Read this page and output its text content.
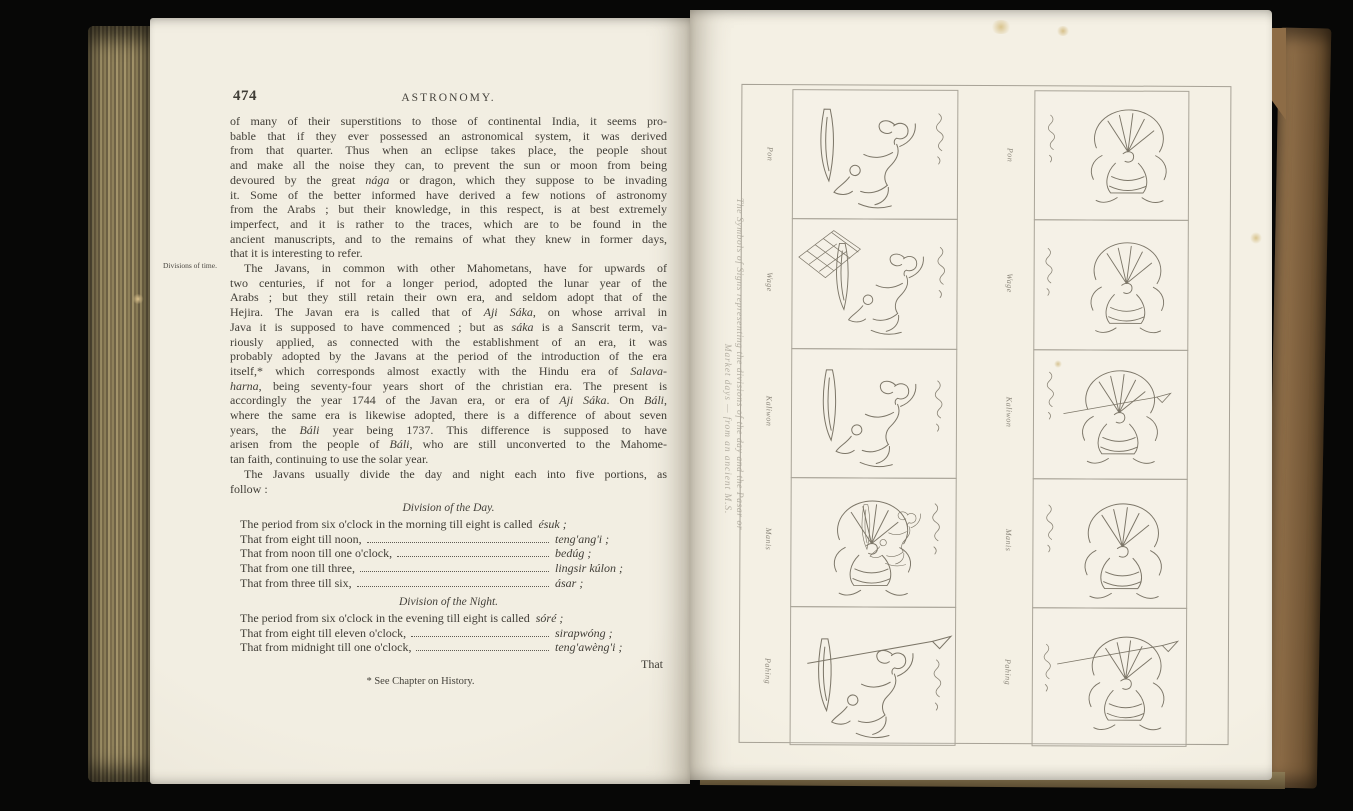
Divisions of time.
474	ASTRONOMY.
of many of their superstitions to those of continental India, it seems pro-
bable that if they ever possessed an astronomical system, it was derived
from that quarter. Thus when an eclipse takes place, the people shout
and make all the noise they can, to prevent the sun or moon from being
devoured by the great nága or dragon, which they suppose to be invading
it. Some of the better informed have derived a few notions of astronomy
from the Arabs ; but their knowledge, in this respect, is at best extremely
imperfect, and it is rather to the traces, which are to be found in the
ancient manuscripts, and to the remains of what they knew in former days,
that it is interesting to refer.
The Javans, in common with other Mahometans, have for upwards of
two centuries, if not for a longer period, adopted the lunar year of the
Arabs ; but they still retain their own era, and seldom adopt that of the
Hejira. The Javan era is called that of Aji Sáka, on whose arrival in
Java it is supposed to have commenced ; but as sáka is a Sanscrit term, va-
riously applied, as connected with the establishment of an era, it was
probably adopted by the Javans at the period of the introduction of the era
itself,* which corresponds almost exactly with the Hindu era of Salava-
harna, being seventy-four years short of the christian era. The present is
accordingly the year 1744 of the Javan era, or era of Aji Sáka. On Báli,
where the same era is likewise adopted, there is a difference of about seven
years, the Báli year being 1737. This difference is supposed to have
arisen from the people of Báli, who are still unconverted to the Mahome-
tan faith, continuing to use the solar year.
The Javans usually divide the day and night each into five portions, as
follow :
Division of the Day.
The period from six o'clock in the morning till eight is called ésuk ;
That from eight till noon,	teng'ang'i ;
That from noon till one o'clock,	bedúg ;
That from one till three,	lingsir kúlon ;
That from three till six,	ásar ;
Division of the Night.
The period from six o'clock in the evening till eight is called sóré ;
That from eight till eleven o'clock,	sirapwóng ;
That from midnight till one o'clock,	teng'awèng'i ;
That
* See Chapter on History.
The Symbols of Signs representing the divisions of the day and the Pasar or
Market days — from an ancient M.S.
Pon
Wage
Kaliwon
Manis
Pahing
Pon
Wage
Kaliwon
Manis
Pahing
